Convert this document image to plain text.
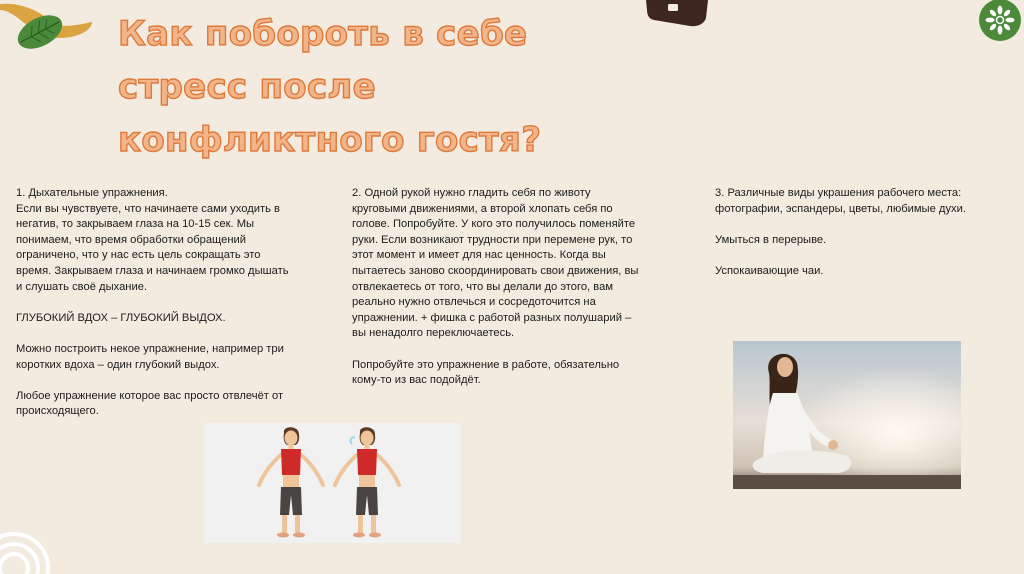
Как побороть в себе
стресс после
конфликтного гостя?

1. Дыхательные упражнения.
Если вы чувствуете, что начинаете сами уходить в
негатив, то закрываем глаза на 10-15 сек. Мы
понимаем, что время обработки обращений
ограничено, что у нас есть цель сокращать это
время. Закрываем глаза и начинаем громко дышать
и слушать своё дыхание.

ГЛУБОКИЙ ВДОХ – ГЛУБОКИЙ ВЫДОХ.

Можно построить некое упражнение, например три
коротких вдоха – один глубокий выдох.

Любое упражнение которое вас просто отвлечёт от
происходящего.

2. Одной рукой нужно гладить себя по животу
круговыми движениями, а второй хлопать себя по
голове. Попробуйте. У кого это получилось поменяйте
руки. Если возникают трудности при перемене рук, то
этот момент и имеет для нас ценность. Когда вы
пытаетесь заново скоординировать свои движения, вы
отвлекаетесь от того, что вы делали до этого, вам
реально нужно отвлечься и сосредоточится на
упражнении. + фишка с работой разных полушарий –
вы ненадолго переключаетесь.

Попробуйте это упражнение в работе, обязательно
кому-то из вас подойдёт.

3. Различные виды украшения рабочего места:
фотографии, эспандеры, цветы, любимые духи.

Умыться в перерыве.

Успокаивающие чаи.
